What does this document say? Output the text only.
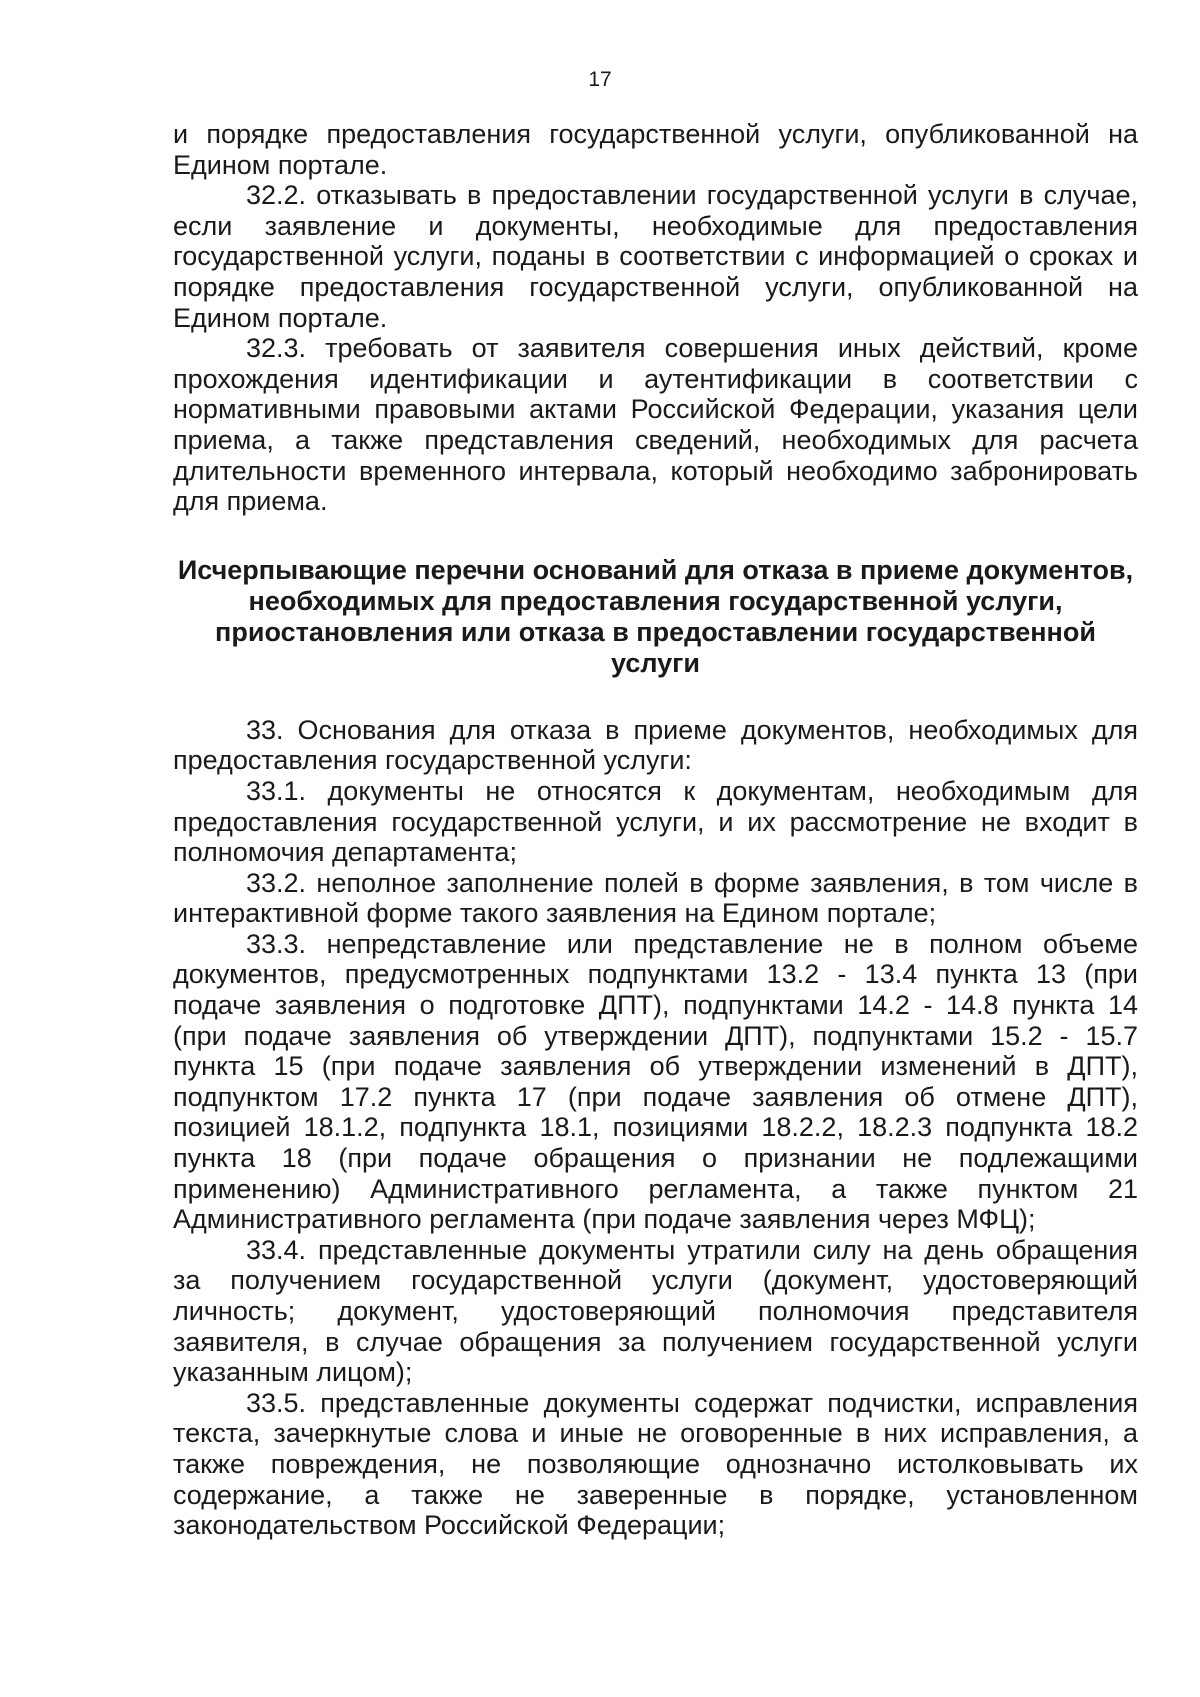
17

и порядке предоставления государственной услуги, опубликованной на Едином портале.

32.2. отказывать в предоставлении государственной услуги в случае, если заявление и документы, необходимые для предоставления государственной услуги, поданы в соответствии с информацией о сроках и порядке предоставления государственной услуги, опубликованной на Едином портале.

32.3. требовать от заявителя совершения иных действий, кроме прохождения идентификации и аутентификации в соответствии с нормативными правовыми актами Российской Федерации, указания цели приема, а также представления сведений, необходимых для расчета длительности временного интервала, который необходимо забронировать для приема.

Исчерпывающие перечни оснований для отказа в приеме документов, необходимых для предоставления государственной услуги, приостановления или отказа в предоставлении государственной услуги

33. Основания для отказа в приеме документов, необходимых для предоставления государственной услуги:

33.1. документы не относятся к документам, необходимым для предоставления государственной услуги, и их рассмотрение не входит в полномочия департамента;

33.2. неполное заполнение полей в форме заявления, в том числе в интерактивной форме такого заявления на Едином портале;

33.3. непредставление или представление не в полном объеме документов, предусмотренных подпунктами 13.2 - 13.4 пункта 13 (при подаче заявления о подготовке ДПТ), подпунктами 14.2 - 14.8 пункта 14 (при подаче заявления об утверждении ДПТ), подпунктами 15.2 - 15.7 пункта 15 (при подаче заявления об утверждении изменений в ДПТ), подпунктом 17.2 пункта 17 (при подаче заявления об отмене ДПТ), позицией 18.1.2, подпункта 18.1, позициями 18.2.2, 18.2.3 подпункта 18.2 пункта 18 (при подаче обращения о признании не подлежащими применению) Административного регламента, а также пунктом 21 Административного регламента (при подаче заявления через МФЦ);

33.4. представленные документы утратили силу на день обращения за получением государственной услуги (документ, удостоверяющий личность; документ, удостоверяющий полномочия представителя заявителя, в случае обращения за получением государственной услуги указанным лицом);

33.5. представленные документы содержат подчистки, исправления текста, зачеркнутые слова и иные не оговоренные в них исправления, а также повреждения, не позволяющие однозначно истолковывать их содержание, а также не заверенные в порядке, установленном законодательством Российской Федерации;
